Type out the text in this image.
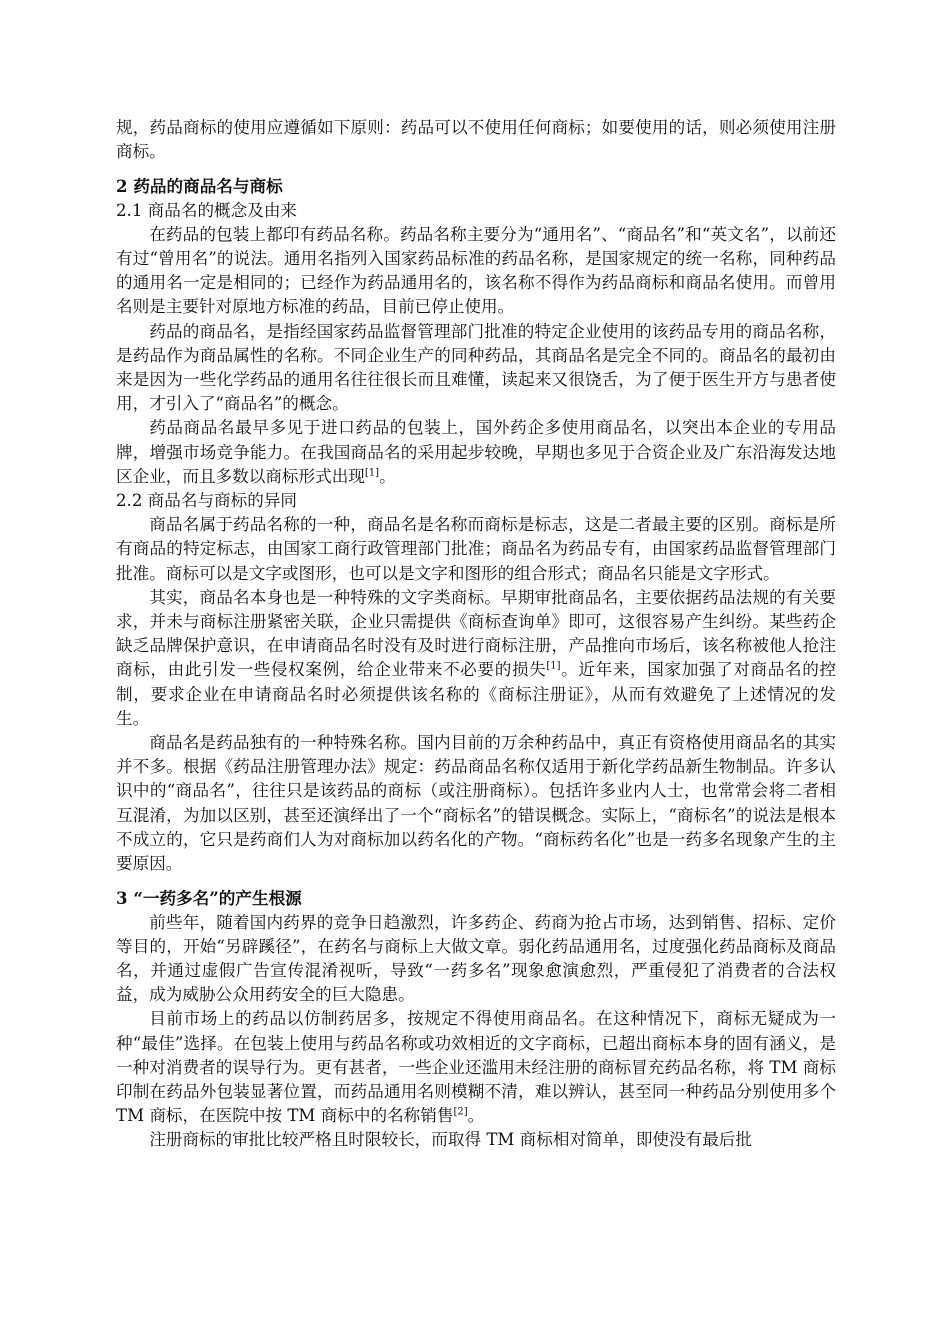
规，药品商标的使用应遵循如下原则：药品可以不使用任何商标；如要使用的话，则必须使用注册商标。

2 药品的商品名与商标
2.1 商品名的概念及由来

在药品的包装上都印有药品名称。药品名称主要分为“通用名”、“商品名”和“英文名”，以前还有过“曾用名”的说法。通用名指列入国家药品标准的药品名称，是国家规定的统一名称，同种药品的通用名一定是相同的；已经作为药品通用名的，该名称不得作为药品商标和商品名使用。而曾用名则是主要针对原地方标准的药品，目前已停止使用。

药品的商品名，是指经国家药品监督管理部门批准的特定企业使用的该药品专用的商品名称，是药品作为商品属性的名称。不同企业生产的同种药品，其商品名是完全不同的。商品名的最初由来是因为一些化学药品的通用名往往很长而且难懂，读起来又很饶舌，为了便于医生开方与患者使用，才引入了“商品名”的概念。

药品商品名最早多见于进口药品的包装上，国外药企多使用商品名，以突出本企业的专用品牌，增强市场竞争能力。在我国商品名的采用起步较晚，早期也多见于合资企业及广东沿海发达地区企业，而且多数以商标形式出现[1]。

2.2 商品名与商标的异同

商品名属于药品名称的一种，商品名是名称而商标是标志，这是二者最主要的区别。商标是所有商品的特定标志，由国家工商行政管理部门批准；商品名为药品专有，由国家药品监督管理部门批准。商标可以是文字或图形，也可以是文字和图形的组合形式；商品名只能是文字形式。

其实，商品名本身也是一种特殊的文字类商标。早期审批商品名，主要依据药品法规的有关要求，并未与商标注册紧密关联，企业只需提供《商标查询单》即可，这很容易产生纠纷。某些药企缺乏品牌保护意识，在申请商品名时没有及时进行商标注册，产品推向市场后，该名称被他人抢注商标，由此引发一些侵权案例，给企业带来不必要的损失[1]。近年来，国家加强了对商品名的控制，要求企业在申请商品名时必须提供该名称的《商标注册证》，从而有效避免了上述情况的发生。

商品名是药品独有的一种特殊名称。国内目前的万余种药品中，真正有资格使用商品名的其实并不多。根据《药品注册管理办法》规定：药品商品名称仅适用于新化学药品新生物制品。许多认识中的“商品名”，往往只是该药品的商标（或注册商标）。包括许多业内人士，也常常会将二者相互混淆，为加以区别，甚至还演绎出了一个“商标名”的错误概念。实际上，“商标名”的说法是根本不成立的，它只是药商们人为对商标加以药名化的产物。“商标药名化”也是一药多名现象产生的主要原因。

3 “一药多名”的产生根源

前些年，随着国内药界的竞争日趋激烈，许多药企、药商为抢占市场，达到销售、招标、定价等目的，开始“另辟蹊径”，在药名与商标上大做文章。弱化药品通用名，过度强化药品商标及商品名，并通过虚假广告宣传混淆视听，导致“一药多名”现象愈演愈烈，严重侵犯了消费者的合法权益，成为威胁公众用药安全的巨大隐患。

目前市场上的药品以仿制药居多，按规定不得使用商品名。在这种情况下，商标无疑成为一种“最佳”选择。在包装上使用与药品名称或功效相近的文字商标，已超出商标本身的固有涵义，是一种对消费者的误导行为。更有甚者，一些企业还滥用未经注册的商标冒充药品名称，将 TM 商标印制在药品外包装显著位置，而药品通用名则模糊不清，难以辨认，甚至同一种药品分别使用多个 TM 商标，在医院中按 TM 商标中的名称销售[2]。

注册商标的审批比较严格且时限较长，而取得 TM 商标相对简单，即使没有最后批
